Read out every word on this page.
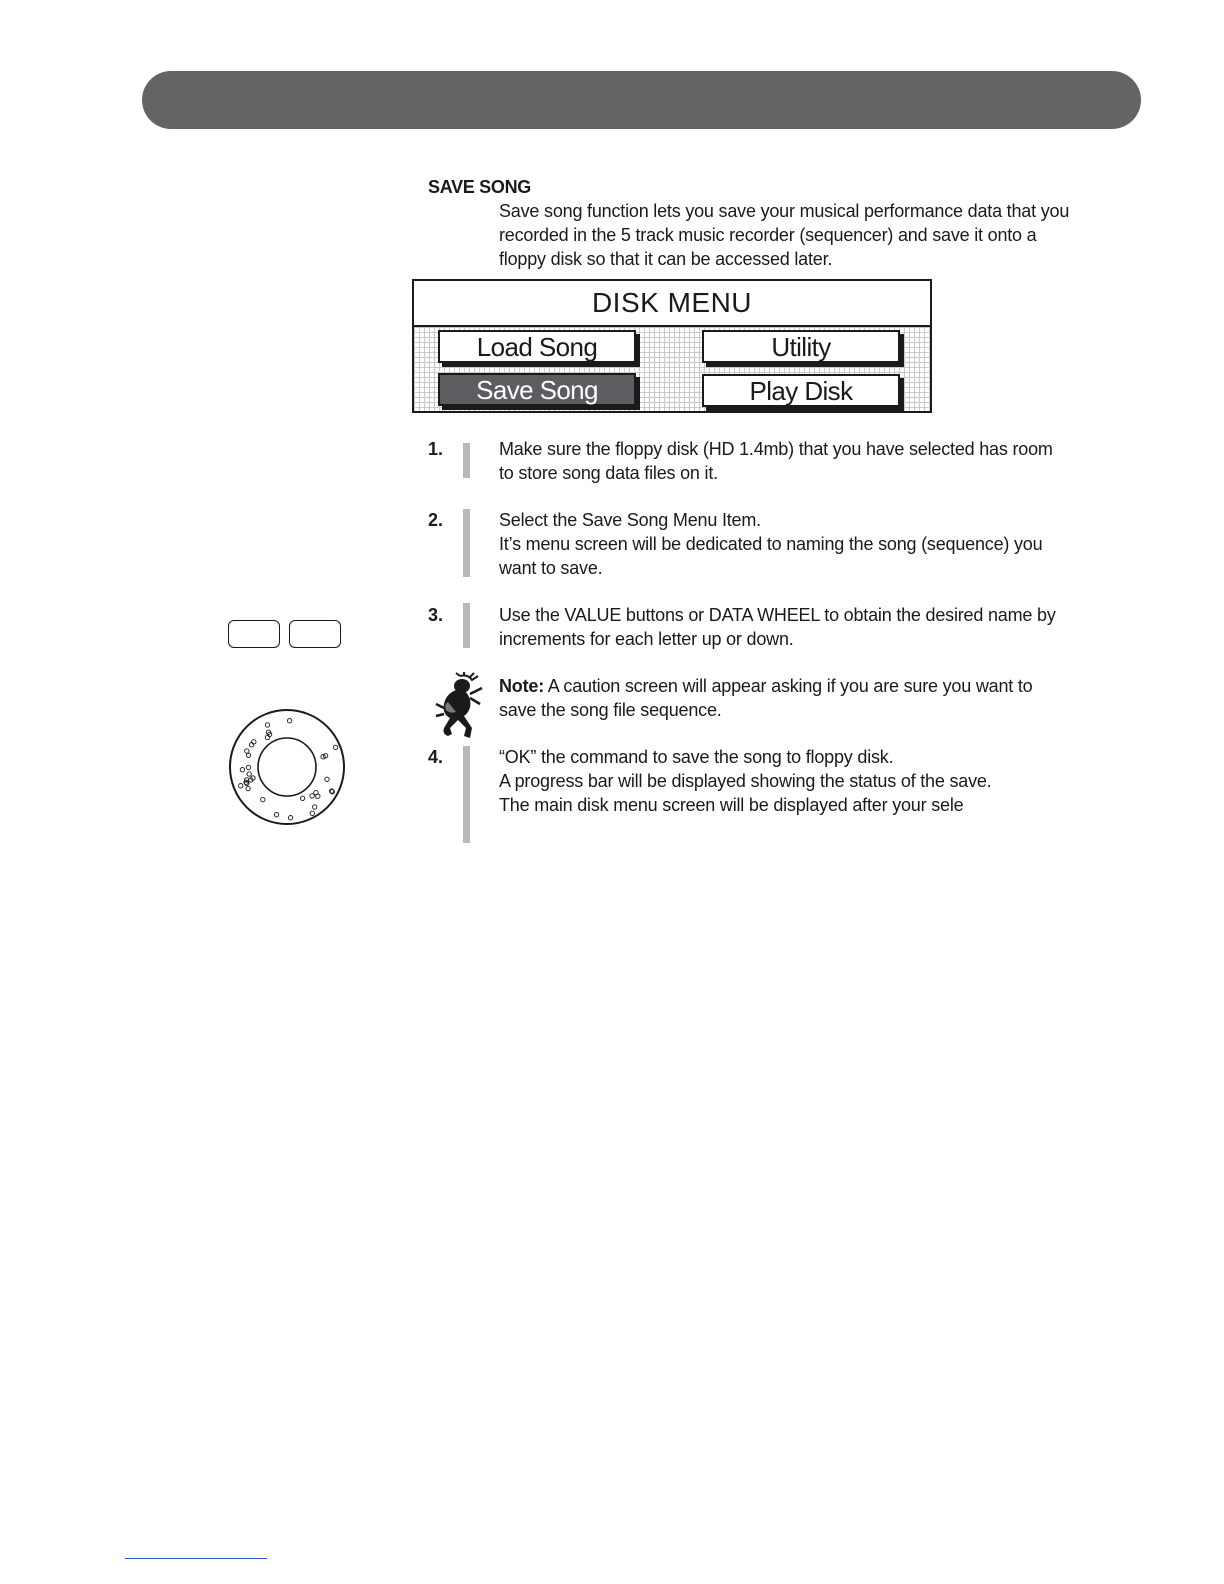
SAVE SONG
Save song function lets you save your musical performance data that you
recorded in the 5 track music recorder (sequencer) and save it onto a
floppy disk so that it can be accessed later.
DISK MENU
Load Song	Utility
Save Song	Play Disk
1.	Make sure the floppy disk (HD 1.4mb) that you have selected has room
to store song data files on it.
2.	Select the Save Song Menu Item.
It’s menu screen will be dedicated to naming the song (sequence) you
want to save.
3.	Use the VALUE buttons or DATA WHEEL to obtain the desired name by
increments for each letter up or down.
Note: A caution screen will appear asking if you are sure you want to
save the song file sequence.
4.	“OK” the command to save the song to floppy disk.
A progress bar will be displayed showing the status of the save.
The main disk menu screen will be displayed after your sele
